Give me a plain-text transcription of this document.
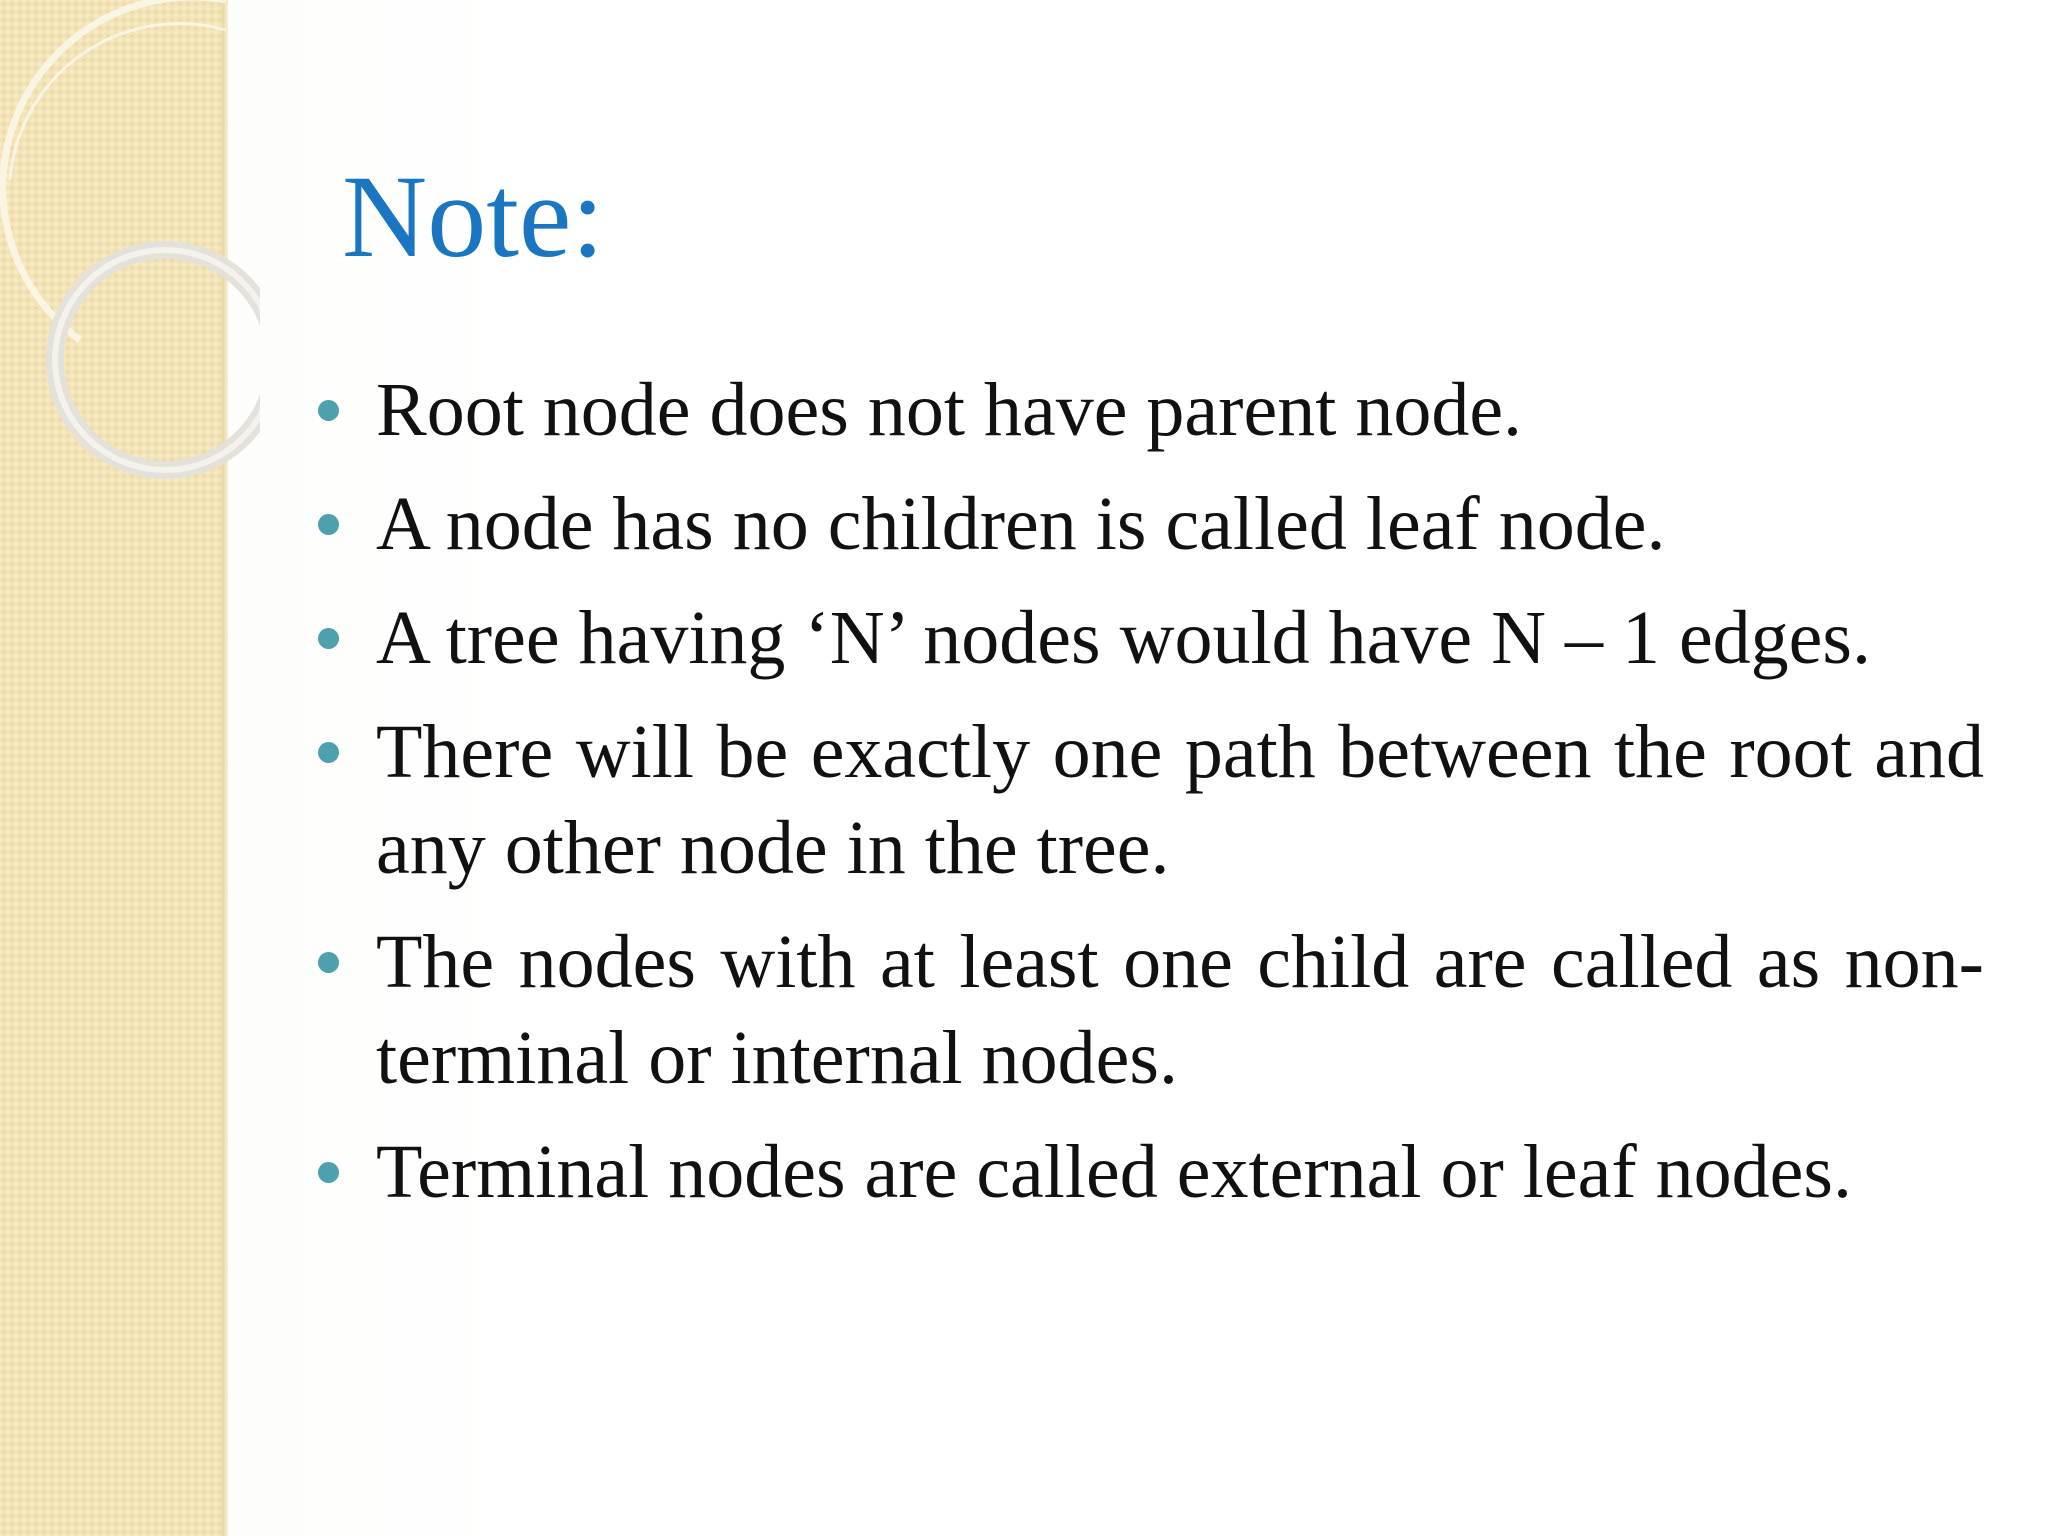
Note:
Root node does not have parent node.
A node has no children is called leaf node.
A tree having ‘N’ nodes would have N – 1 edges.
There will be exactly one path between the root and any other node in the tree.
The nodes with at least one child are called as non-terminal or internal nodes.
Terminal nodes are called external or leaf nodes.
